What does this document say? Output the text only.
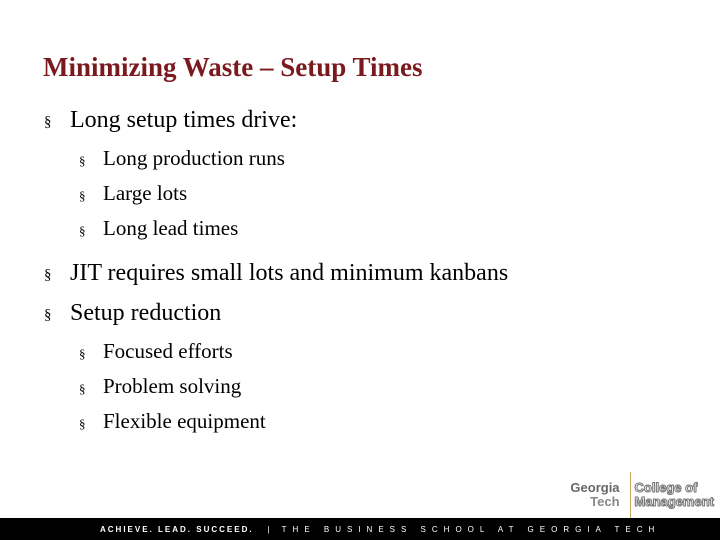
Minimizing Waste – Setup Times
§ Long setup times drive:
§ Long production runs
§ Large lots
§ Long lead times
§ JIT requires small lots and minimum kanbans
§ Setup reduction
§ Focused efforts
§ Problem solving
§ Flexible equipment
Georgia
Tech
College of
Management
ACHIEVE. LEAD. SUCCEED. | THE BUSINESS SCHOOL AT GEORGIA TECH
